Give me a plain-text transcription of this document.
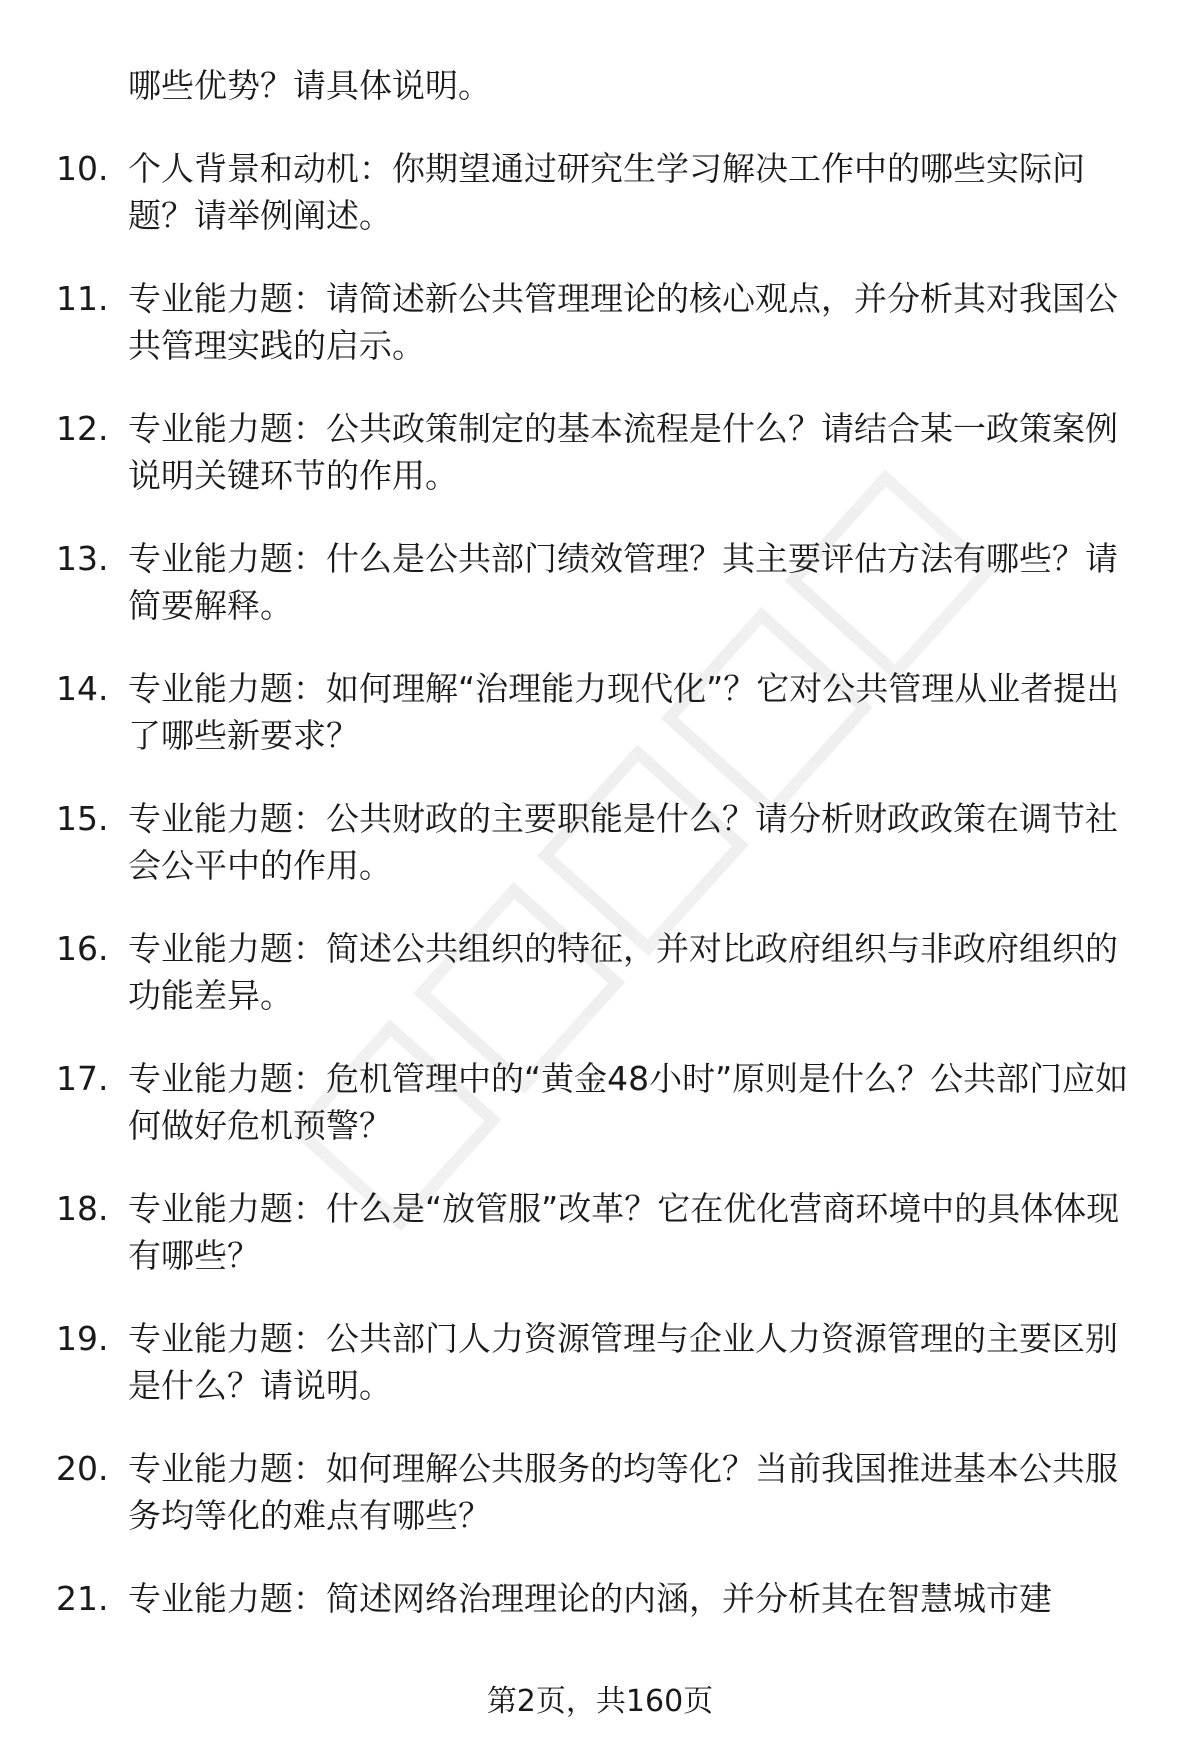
哪些优势？请具体说明。
10. 个人背景和动机：你期望通过研究生学习解决工作中的哪些实际问题？请举例阐述。
11. 专业能力题：请简述新公共管理理论的核心观点，并分析其对我国公共管理实践的启示。
12. 专业能力题：公共政策制定的基本流程是什么？请结合某一政策案例说明关键环节的作用。
13. 专业能力题：什么是公共部门绩效管理？其主要评估方法有哪些？请简要解释。
14. 专业能力题：如何理解“治理能力现代化”？它对公共管理从业者提出了哪些新要求？
15. 专业能力题：公共财政的主要职能是什么？请分析财政政策在调节社会公平中的作用。
16. 专业能力题：简述公共组织的特征，并对比政府组织与非政府组织的功能差异。
17. 专业能力题：危机管理中的“黄金48小时”原则是什么？公共部门应如何做好危机预警？
18. 专业能力题：什么是“放管服”改革？它在优化营商环境中的具体体现有哪些？
19. 专业能力题：公共部门人力资源管理与企业人力资源管理的主要区别是什么？请说明。
20. 专业能力题：如何理解公共服务的均等化？当前我国推进基本公共服务均等化的难点有哪些？
21. 专业能力题：简述网络治理理论的内涵，并分析其在智慧城市建
第2页，共160页
